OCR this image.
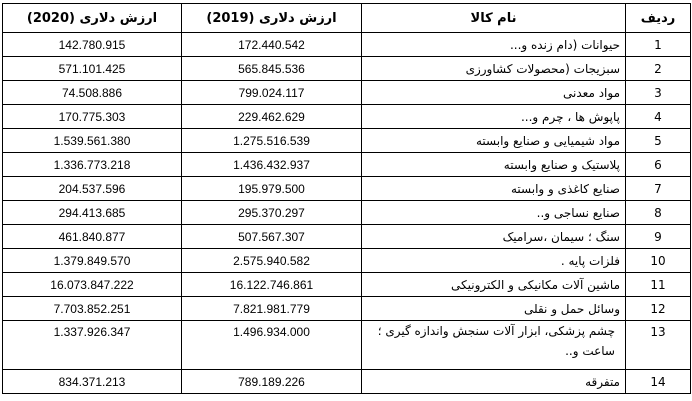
ردیف	نام کالا	ارزش دلاری (2019)	ارزش دلاری (2020)
1	حیوانات (دام زنده و...	172.440.542	142.780.915
2	سبزیجات (محصولات کشاورزی	565.845.536	571.101.425
3	مواد معدنی	799.024.117	74.508.886
4	پاپوش ها ، چرم و...	229.462.629	170.775.303
5	مواد شیمیایی و صنایع وابسته	1.275.516.539	1.539.561.380
6	پلاستیک و صنایع وابسته	1.436.432.937	1.336.773.218
7	صنایع کاغذی و وابسته	195.979.500	204.537.596
8	صنایع نساجی و..	295.370.297	294.413.685
9	سنگ ؛ سیمان ،سرامیک	507.567.307	461.840.877
10	فلزات پایه .	2.575.940.582	1.379.849.570
11	ماشین آلات مکانیکی و الکترونیکی	16.122.746.861	16.073.847.222
12	وسائل حمل و نقلی	7.821.981.779	7.703.852.251
13	چشم پزشکی، ابزار آلات سنجش واندازه گیری ؛ ساعت و..	1.496.934.000	1.337.926.347
14	متفرقه	789.189.226	834.371.213
